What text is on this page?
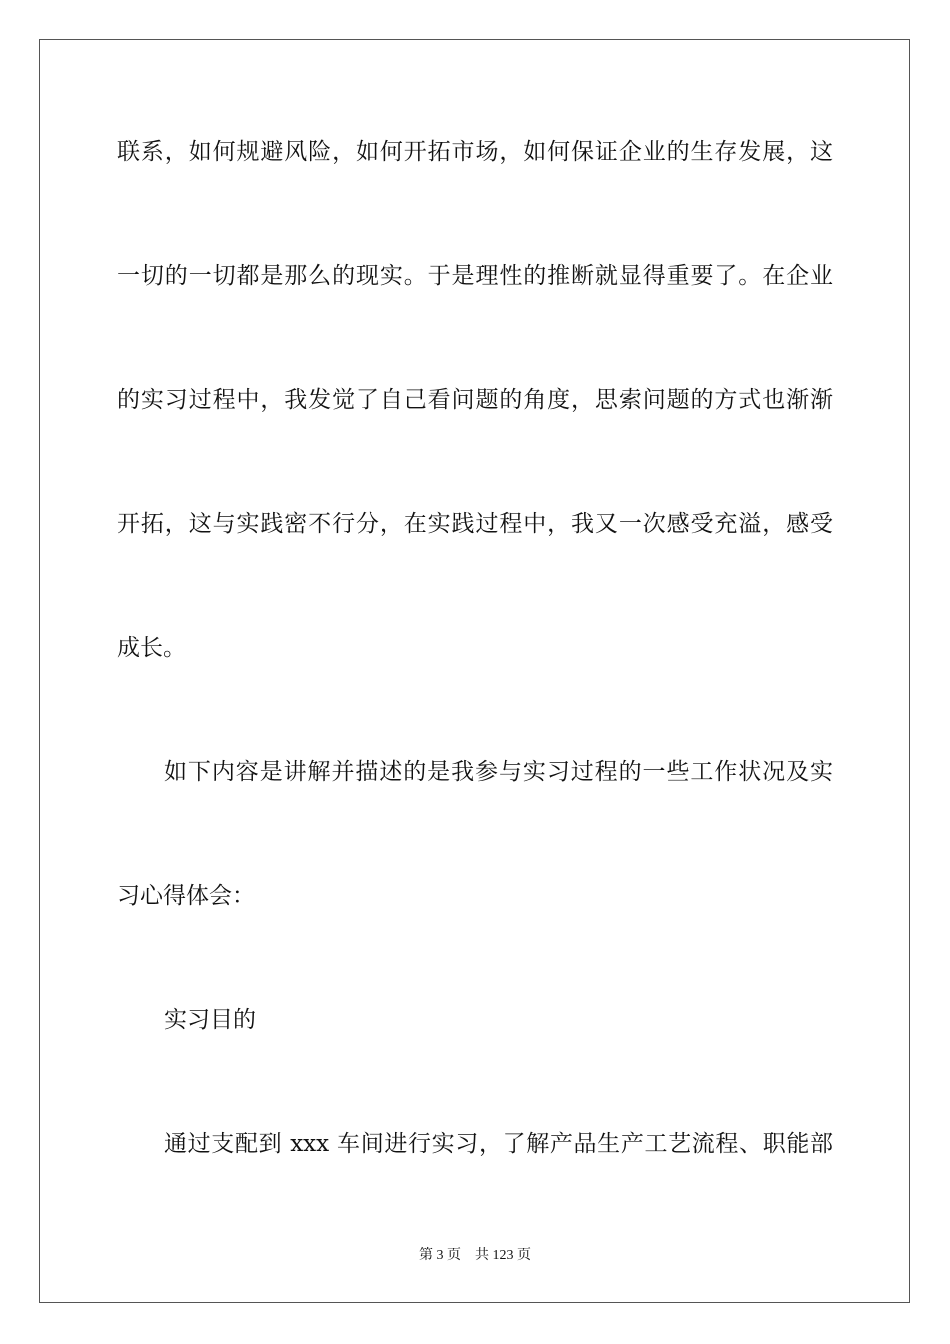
联系，如何规避风险，如何开拓市场，如何保证企业的生存发展，这
一切的一切都是那么的现实。于是理性的推断就显得重要了。在企业
的实习过程中，我发觉了自己看问题的角度，思索问题的方式也渐渐
开拓，这与实践密不行分，在实践过程中，我又一次感受充溢，感受
成长。
如下内容是讲解并描述的是我参与实习过程的一些工作状况及实
习心得体会：
实习目的
通过支配到 xxx 车间进行实习，了解产品生产工艺流程、职能部
第 3 页 共 123 页
